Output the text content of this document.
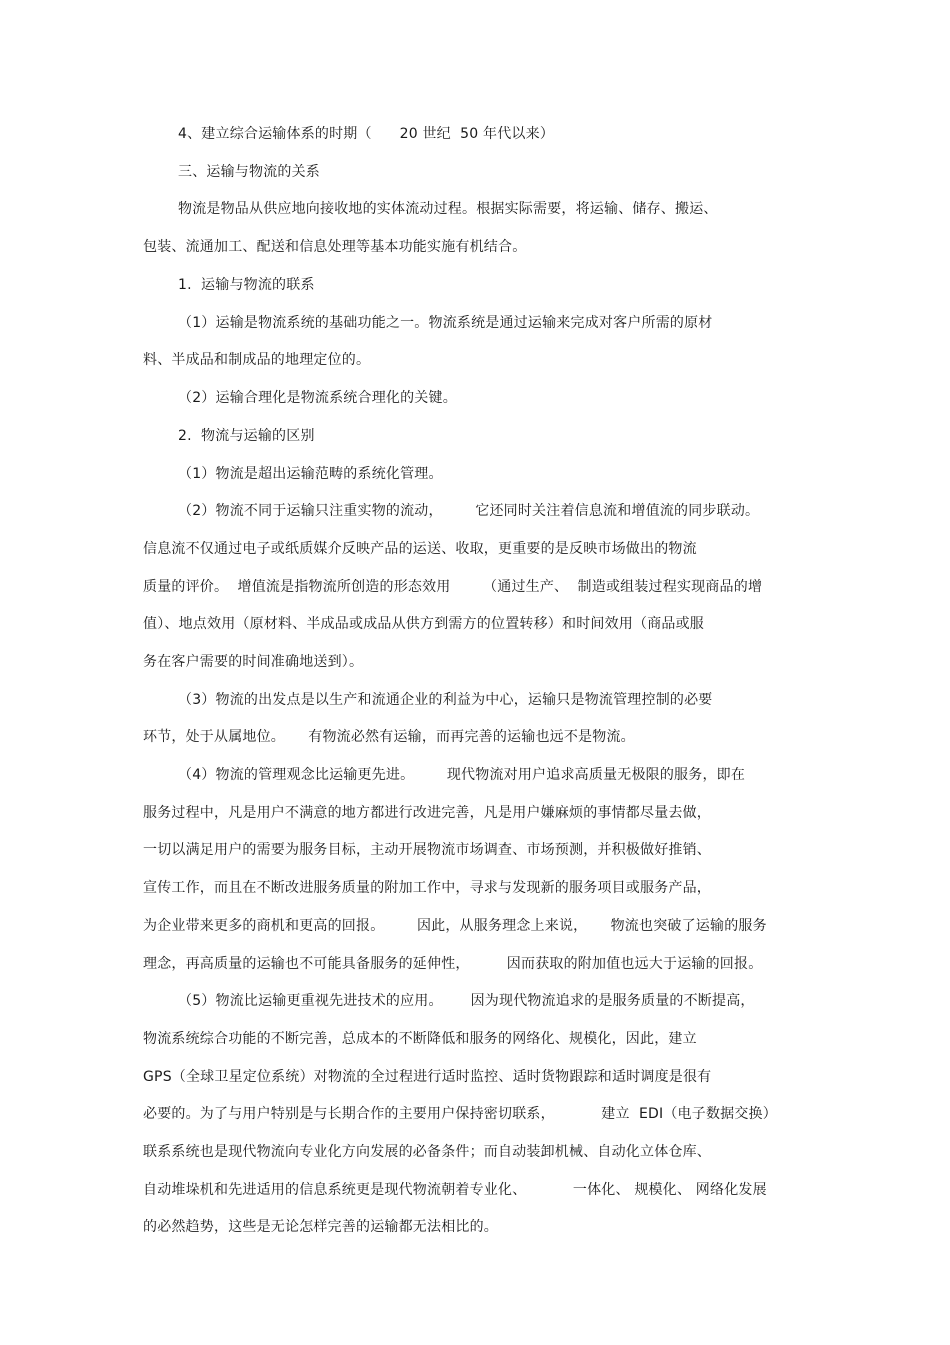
4、建立综合运输体系的时期（      20 世纪  50 年代以来）
三、运输与物流的关系
物流是物品从供应地向接收地的实体流动过程。根据实际需要，将运输、储存、搬运、
包装、流通加工、配送和信息处理等基本功能实施有机结合。
1.  运输与物流的联系
（1）运输是物流系统的基础功能之一。物流系统是通过运输来完成对客户所需的原材
料、半成品和制成品的地理定位的。
（2）运输合理化是物流系统合理化的关键。
2.  物流与运输的区别
（1）物流是超出运输范畴的系统化管理。
（2）物流不同于运输只注重实物的流动，       它还同时关注着信息流和增值流的同步联动。
信息流不仅通过电子或纸质媒介反映产品的运送、收取，更重要的是反映市场做出的物流
质量的评价。  增值流是指物流所创造的形态效用       （通过生产、  制造或组装过程实现商品的增
值）、地点效用（原材料、半成品或成品从供方到需方的位置转移）和时间效用（商品或服
务在客户需要的时间准确地送到）。
（3）物流的出发点是以生产和流通企业的利益为中心，运输只是物流管理控制的必要
环节，处于从属地位。     有物流必然有运输，而再完善的运输也远不是物流。
（4）物流的管理观念比运输更先进。       现代物流对用户追求高质量无极限的服务，即在
服务过程中，凡是用户不满意的地方都进行改进完善，凡是用户嫌麻烦的事情都尽量去做，
一切以满足用户的需要为服务目标，主动开展物流市场调查、市场预测，并积极做好推销、
宣传工作，而且在不断改进服务质量的附加工作中，寻求与发现新的服务项目或服务产品，
为企业带来更多的商机和更高的回报。       因此，从服务理念上来说，     物流也突破了运输的服务
理念，再高质量的运输也不可能具备服务的延伸性，        因而获取的附加值也远大于运输的回报。
（5）物流比运输更重视先进技术的应用。      因为现代物流追求的是服务质量的不断提高，
物流系统综合功能的不断完善，总成本的不断降低和服务的网络化、规模化，因此，建立
GPS（全球卫星定位系统）对物流的全过程进行适时监控、适时货物跟踪和适时调度是很有
必要的。为了与用户特别是与长期合作的主要用户保持密切联系，          建立  EDI（电子数据交换）
联系系统也是现代物流向专业化方向发展的必备条件；而自动装卸机械、自动化立体仓库、
自动堆垛机和先进适用的信息系统更是现代物流朝着专业化、          一体化、 规模化、 网络化发展
的必然趋势，这些是无论怎样完善的运输都无法相比的。
